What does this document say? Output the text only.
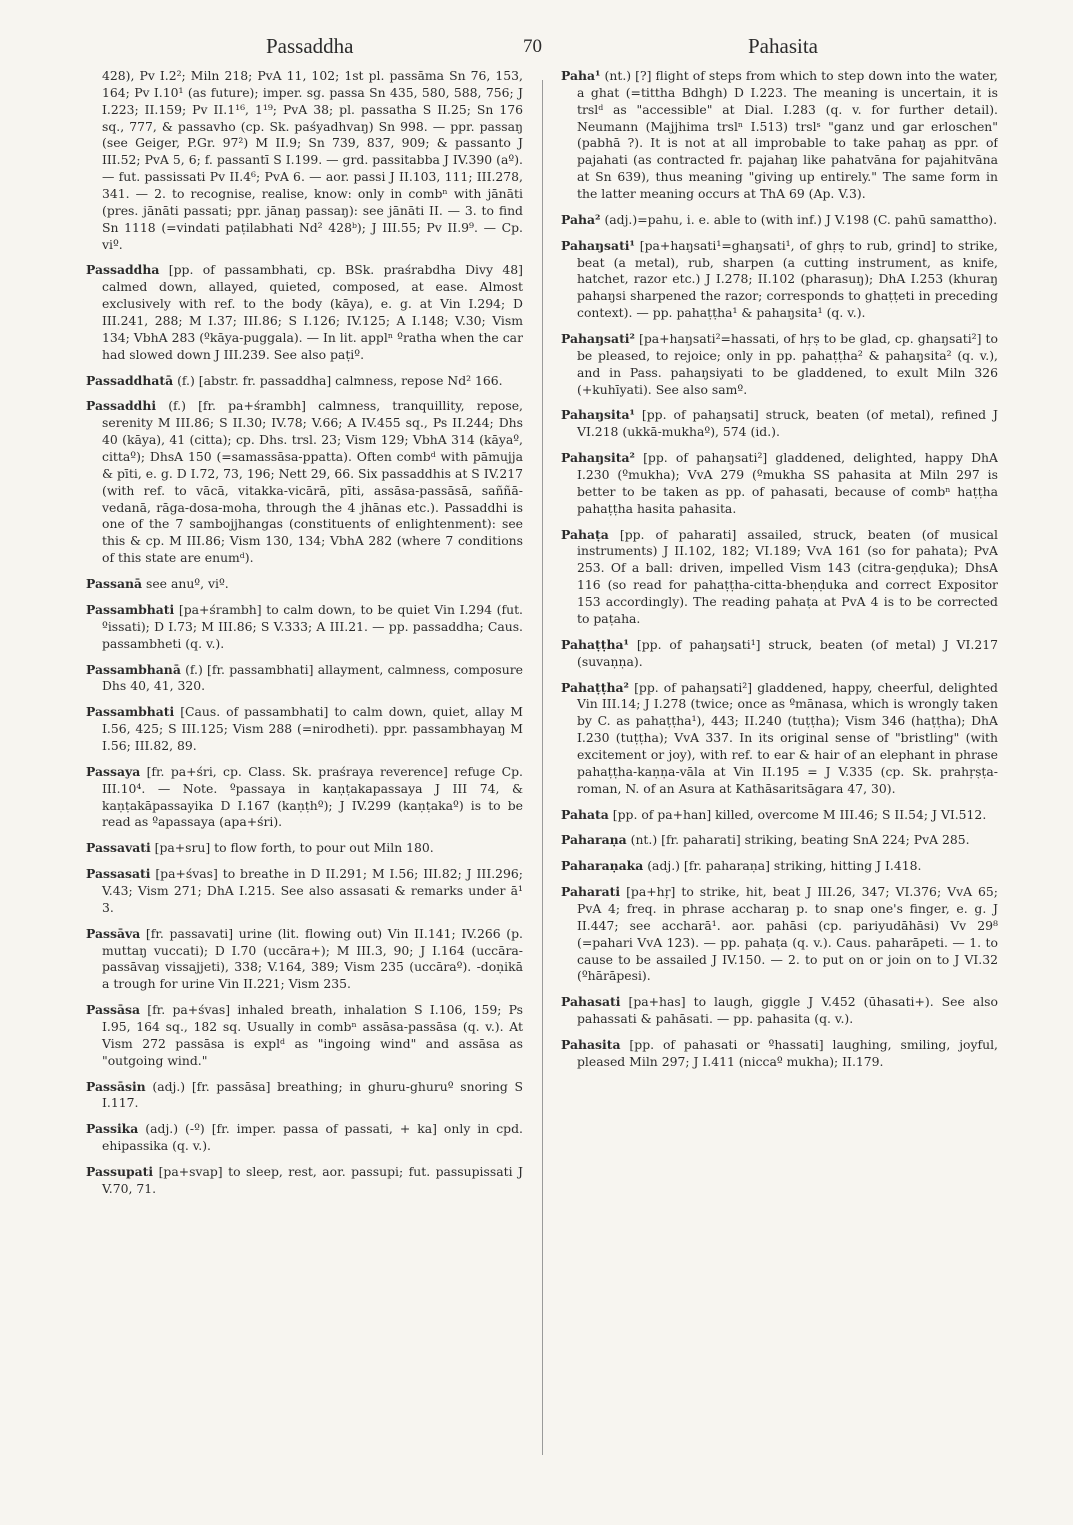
Passaddha	70	Pahasita

428), Pv I.2²; Miln 218; PvA 11, 102; 1st pl. passāma Sn 76, 153, 164; Pv I.10¹ (as future); imper. sg. passa Sn 435, 580, 588, 756; J I.223; II.159; Pv II.1¹⁶, 1¹⁹; PvA 38; pl. passatha S II.25; Sn 176 sq., 777, & passavho (cp. Sk. paśyadhvaŋ) Sn 998. — ppr. passaŋ (see Geiger, P.Gr. 97²) M II.9; Sn 739, 837, 909; & passanto J III.52; PvA 5, 6; f. passantī S I.199. — grd. passitabba J IV.390 (aº). — fut. passissati Pv II.4⁶; PvA 6. — aor. passi J II.103, 111; III.278, 341. — 2. to recognise, realise, know: only in combⁿ with jānāti (pres. jānāti passati; ppr. jānaŋ passaŋ): see jānāti II. — 3. to find Sn 1118 (=vindati paṭilabhati Nd² 428ᵇ); J III.55; Pv II.9⁹. — Cp. viº.

Passaddha [pp. of passambhati, cp. BSk. praśrabdha Divy 48] calmed down, allayed, quieted, composed, at ease. Almost exclusively with ref. to the body (kāya), e. g. at Vin I.294; D III.241, 288; M I.37; III.86; S I.126; IV.125; A I.148; V.30; Vism 134; VbhA 283 (ºkāya-puggala). — In lit. applⁿ ºratha when the car had slowed down J III.239. See also paṭiº.

Passaddhatā (f.) [abstr. fr. passaddha] calmness, repose Nd² 166.

Passaddhi (f.) [fr. pa+śrambh] calmness, tranquillity, repose, serenity M III.86; S II.30; IV.78; V.66; A IV.455 sq., Ps II.244; Dhs 40 (kāya), 41 (citta); cp. Dhs. trsl. 23; Vism 129; VbhA 314 (kāyaº, cittaº); DhsA 150 (=samassāsa-ppatta). Often combᵈ with pāmujja & pīti, e. g. D I.72, 73, 196; Nett 29, 66. Six passaddhis at S IV.217 (with ref. to vācā, vitakka-vicārā, pīti, assāsa-passāsā, saññā-vedanā, rāga-dosa-moha, through the 4 jhānas etc.). Passaddhi is one of the 7 sambojjhangas (constituents of enlightenment): see this & cp. M III.86; Vism 130, 134; VbhA 282 (where 7 conditions of this state are enumᵈ).

Passanā see anuº, viº.

Passambhati [pa+śrambh] to calm down, to be quiet Vin I.294 (fut. ºissati); D I.73; M III.86; S V.333; A III.21. — pp. passaddha; Caus. passambheti (q. v.).

Passambhanā (f.) [fr. passambhati] allayment, calmness, composure Dhs 40, 41, 320.

Passambhati [Caus. of passambhati] to calm down, quiet, allay M I.56, 425; S III.125; Vism 288 (=nirodheti). ppr. passambhayaŋ M I.56; III.82, 89.

Passaya [fr. pa+śri, cp. Class. Sk. praśraya reverence] refuge Cp. III.10⁴. — Note. ºpassaya in kaṇṭakapassaya J III 74, & kaṇṭakāpassayika D I.167 (kaṇṭhº); J IV.299 (kaṇṭakaº) is to be read as ºapassaya (apa+śri).

Passavati [pa+sru] to flow forth, to pour out Miln 180.

Passasati [pa+śvas] to breathe in D II.291; M I.56; III.82; J III.296; V.43; Vism 271; DhA I.215. See also assasati & remarks under ā¹ 3.

Passāva [fr. passavati] urine (lit. flowing out) Vin II.141; IV.266 (p. muttaŋ vuccati); D I.70 (uccāra+); M III.3, 90; J I.164 (uccāra-passāvaŋ vissajjeti), 338; V.164, 389; Vism 235 (uccāraº). -doṇikā a trough for urine Vin II.221; Vism 235.

Passāsa [fr. pa+śvas] inhaled breath, inhalation S I.106, 159; Ps I.95, 164 sq., 182 sq. Usually in combⁿ assāsa-passāsa (q. v.). At Vism 272 passāsa is explᵈ as "ingoing wind" and assāsa as "outgoing wind."

Passāsin (adj.) [fr. passāsa] breathing; in ghuru-ghuruº snoring S I.117.

Passika (adj.) (-º) [fr. imper. passa of passati, + ka] only in cpd. ehipassika (q. v.).

Passupati [pa+svap] to sleep, rest, aor. passupi; fut. passupissati J V.70, 71.

Paha¹ (nt.) [?] flight of steps from which to step down into the water, a ghat (=tittha Bdhgh) D I.223. The meaning is uncertain, it is trslᵈ as "accessible" at Dial. I.283 (q. v. for further detail). Neumann (Majjhima trslⁿ I.513) trslˢ "ganz und gar erloschen" (pabhā ?). It is not at all improbable to take pahaŋ as ppr. of pajahati (as contracted fr. pajahaŋ like pahatvāna for pajahitvāna at Sn 639), thus meaning "giving up entirely." The same form in the latter meaning occurs at ThA 69 (Ap. V.3).

Paha² (adj.)=pahu, i. e. able to (with inf.) J V.198 (C. pahū samattho).

Pahaŋsati¹ [pa+haŋsati¹=ghaŋsati¹, of ghṛṣ to rub, grind] to strike, beat (a metal), rub, sharpen (a cutting instrument, as knife, hatchet, razor etc.) J I.278; II.102 (pharasuŋ); DhA I.253 (khuraŋ pahaŋsi sharpened the razor; corresponds to ghaṭṭeti in preceding context). — pp. pahaṭṭha¹ & pahaŋsita¹ (q. v.).

Pahaŋsati² [pa+haŋsati²=hassati, of hṛṣ to be glad, cp. ghaŋsati²] to be pleased, to rejoice; only in pp. pahaṭṭha² & pahaŋsita² (q. v.), and in Pass. pahaŋsiyati to be gladdened, to exult Miln 326 (+kuhīyati). See also samº.

Pahaŋsita¹ [pp. of pahaŋsati] struck, beaten (of metal), refined J VI.218 (ukkā-mukhaº), 574 (id.).

Pahaŋsita² [pp. of pahaŋsati²] gladdened, delighted, happy DhA I.230 (ºmukha); VvA 279 (ºmukha SS pahasita at Miln 297 is better to be taken as pp. of pahasati, because of combⁿ haṭṭha pahaṭṭha hasita pahasita.

Pahaṭa [pp. of paharati] assailed, struck, beaten (of musical instruments) J II.102, 182; VI.189; VvA 161 (so for pahata); PvA 253. Of a ball: driven, impelled Vism 143 (citra-geṇḍuka); DhsA 116 (so read for pahaṭṭha-citta-bheṇḍuka and correct Expositor 153 accordingly). The reading pahaṭa at PvA 4 is to be corrected to paṭaha.

Pahaṭṭha¹ [pp. of pahaŋsati¹] struck, beaten (of metal) J VI.217 (suvaṇṇa).

Pahaṭṭha² [pp. of pahaŋsati²] gladdened, happy, cheerful, delighted Vin III.14; J I.278 (twice; once as ºmānasa, which is wrongly taken by C. as pahaṭṭha¹), 443; II.240 (tuṭṭha); Vism 346 (haṭṭha); DhA I.230 (tuṭṭha); VvA 337. In its original sense of "bristling" (with excitement or joy), with ref. to ear & hair of an elephant in phrase pahaṭṭha-kaṇṇa-vāla at Vin II.195 = J V.335 (cp. Sk. prahṛṣṭa-roman, N. of an Asura at Kathāsaritsāgara 47, 30).

Pahata [pp. of pa+han] killed, overcome M III.46; S II.54; J VI.512.

Paharaṇa (nt.) [fr. paharati] striking, beating SnA 224; PvA 285.

Paharaṇaka (adj.) [fr. paharaṇa] striking, hitting J I.418.

Paharati [pa+hṛ] to strike, hit, beat J III.26, 347; VI.376; VvA 65; PvA 4; freq. in phrase accharaŋ p. to snap one's finger, e. g. J II.447; see accharā¹. aor. pahāsi (cp. pariyudāhāsi) Vv 29⁸ (=pahari VvA 123). — pp. pahaṭa (q. v.). Caus. paharāpeti. — 1. to cause to be assailed J IV.150. — 2. to put on or join on to J VI.32 (ºhārāpesi).

Pahasati [pa+has] to laugh, giggle J V.452 (ūhasati+). See also pahassati & pahāsati. — pp. pahasita (q. v.).

Pahasita [pp. of pahasati or ºhassati] laughing, smiling, joyful, pleased Miln 297; J I.411 (niccaº mukha); II.179.
